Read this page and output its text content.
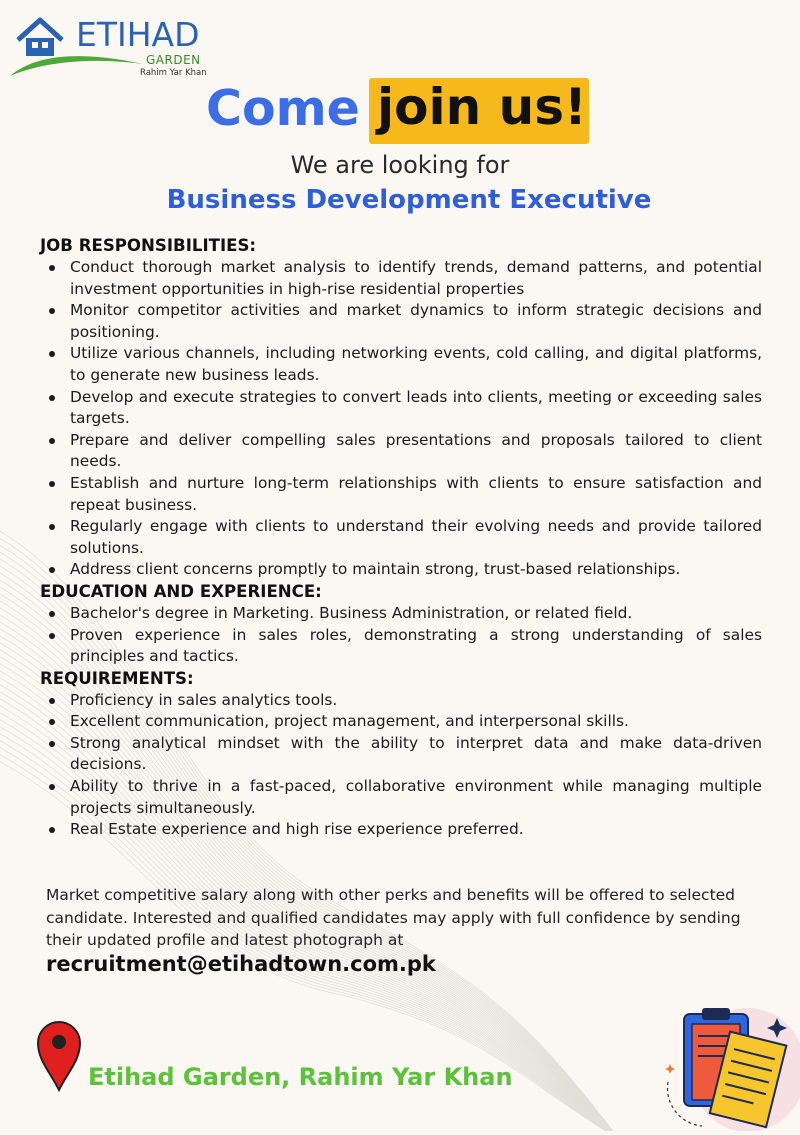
ETIHAD
GARDEN
Rahim Yar Khan
Come join us!
We are looking for
Business Development Executive

JOB RESPONSIBILITIES:

Conduct thorough market analysis to identify trends, demand patterns, and potential investment opportunities in high-rise residential properties
Monitor competitor activities and market dynamics to inform strategic decisions and positioning.
Utilize various channels, including networking events, cold calling, and digital platforms, to generate new business leads.
Develop and execute strategies to convert leads into clients, meeting or exceeding sales targets.
Prepare and deliver compelling sales presentations and proposals tailored to client needs.
Establish and nurture long-term relationships with clients to ensure satisfaction and repeat business.
Regularly engage with clients to understand their evolving needs and provide tailored solutions.
Address client concerns promptly to maintain strong, trust-based relationships.

EDUCATION AND EXPERIENCE:

Bachelor's degree in Marketing. Business Administration, or related field.
Proven experience in sales roles, demonstrating a strong understanding of sales principles and tactics.

REQUIREMENTS:

Proficiency in sales analytics tools.
Excellent communication, project management, and interpersonal skills.
Strong analytical mindset with the ability to interpret data and make data-driven decisions.
Ability to thrive in a fast-paced, collaborative environment while managing multiple projects simultaneously.
Real Estate experience and high rise experience preferred.
Market competitive salary along with other perks and benefits will be offered to selected candidate. Interested and qualified candidates may apply with full confidence by sending their updated profile and latest photograph at
recruitment@etihadtown.com.pk
Etihad Garden, Rahim Yar Khan
